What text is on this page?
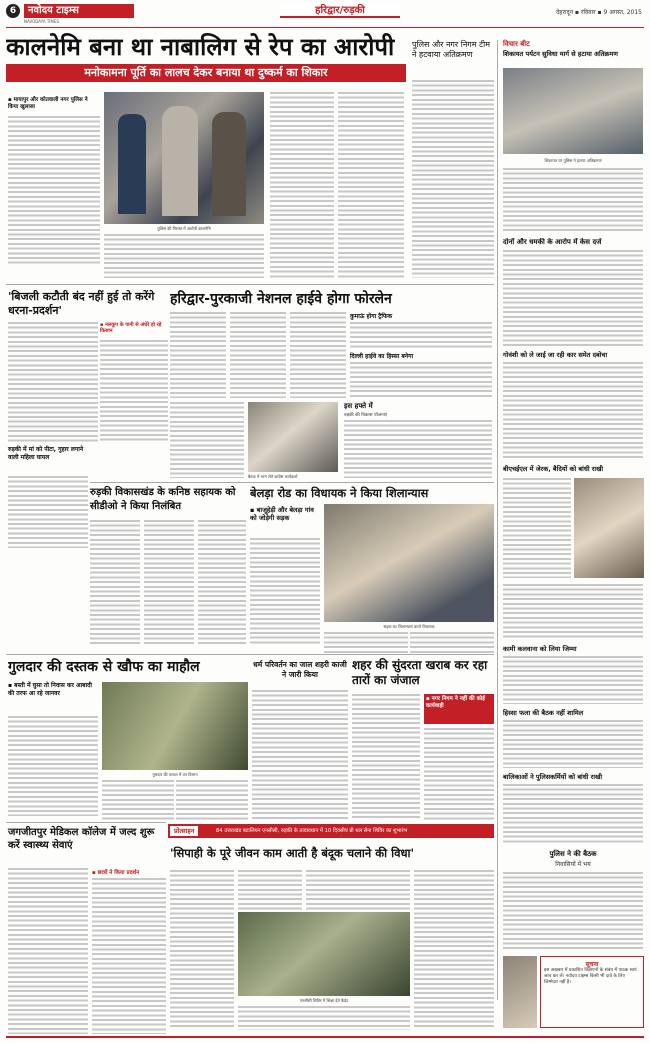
6	नवोदय टाइम्स
NAVODAYA TIMES
हरिद्वार/रुड़की	देहरादून ▪ रविवार ▪ 9 अगस्त, 2015
कालनेमि बना था नाबालिग से रेप का आरोपी
मनोकामना पूर्ति का लालच देकर बनाया था दुष्कर्म का शिकार
▪ मायापुर और कोतवाली नगर पुलिस ने किया खुलासा
पुलिस की गिरफ्त में आरोपी कालनेमि
पुलिस और नगर निगम टीम ने हटवाया अतिक्रमण
विचार बीट
शिकायत पर्यटन सुविधा मार्ग से हटाया अतिक्रमण
शिकायत पर पुलिस ने हटाया अतिक्रमण
दोनों और धमकी के आरोप में केस दर्ज
गोवंशी को ले जाई जा रही कार समेत दबोचा
बीएचईएल में जेरक, बैदियों को बांधी राखी
कामी कलवाना को लिया जिम्मा
हिस्सा फला की बैठक नहीं शामिल
बालिकाओं ने पुलिसकर्मियों को बांधी राखी
'बिजली कटौती बंद नहीं हुई तो करेंगे धरना-प्रदर्शन'
▪ नलकूप के पानी से अंधेरे हो रहे किसान
रुड़की में मां को पीटा, गुहार लगाने वाली महिला घायल
हरिद्वार-पुरकाजी नेशनल हाईवे होगा फोरलेन
कुमाऊं होगा ट्रैफिक
दिल्ली हाईवे का हिस्सा बनेगा
बैठक में भाग लेते कांग्रेस कार्यकर्ता
इस हफ्ते में
रुड़की की विकास योजनाएं
रुड़की विकासखंड के कनिष्ठ सहायक को सीडीओ ने किया निलंबित
बेलड़ा रोड का विधायक ने किया शिलान्यास
▪ बाजूहेड़ी और बेलड़ा गांव को जोड़ेगी सड़क
सड़क का शिलान्यास करते विधायक
गुलदार की दस्तक से खौफ का माहौल
▪ बस्ती में घुसा तो निवास कर आबादी की तरफ आ रहे जानवर
गुलदार की तलाश में वन विभाग
धर्म परिवर्तन का जाल शहरी काजी ने जारी किया
शहर की सुंदरता खराब कर रहा तारों का जंजाल
▪ नगर निगम ने नहीं की कोई कार्यवाही
जगजीतपुर मेडिकल कॉलेज में जल्द शुरू करें स्वास्थ्य सेवाएं
▪ छात्रों ने किया प्रदर्शन
प्रोत्साहन	84 उत्तराखंड बटालियन एनसीसी, रुड़की के तत्वावधान में 10 दिवसीय प्री थल सेना शिविर का शुभारंभ
'सिपाही के पूरे जीवन काम आती है बंदूक चलाने की विधा'
एनसीसी शिविर में शिक्षा देते कैडेट
पुलिस ने की बैठक
निवासियों में भय
सूचना
इस अखबार में प्रकाशित विज्ञापनों के संबंध में पाठक स्वयं जांच कर लें। नवोदय टाइम्स किसी भी दावे के लिए जिम्मेदार नहीं है।
